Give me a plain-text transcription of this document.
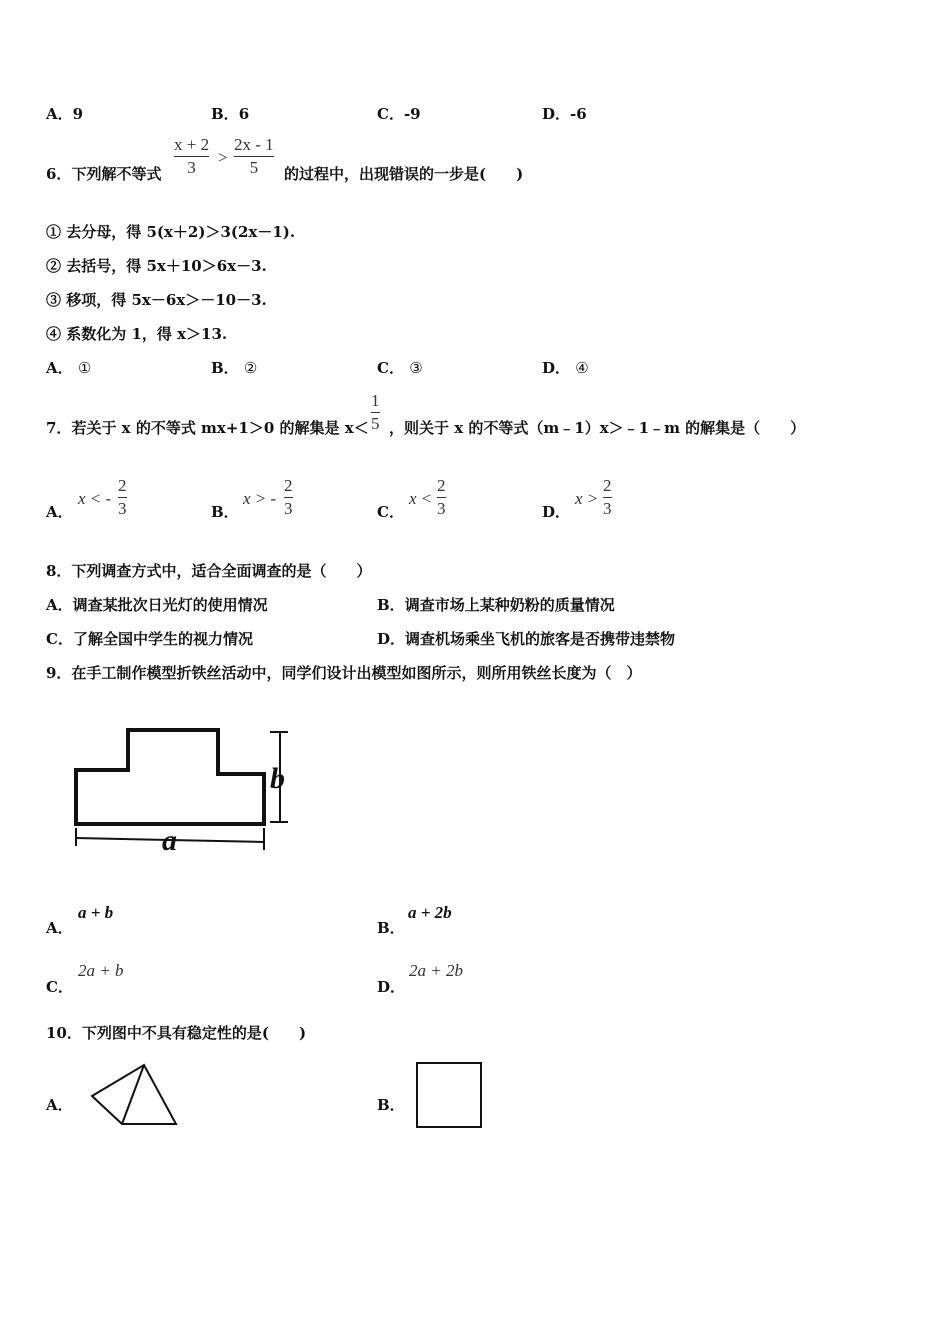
A．9	B．6	C．-9	D．-6
6．下列解不等式
x + 2
3
>
2x - 1
5	的过程中，出现错误的一步是(　　)
① 去分母，得 5(x＋2)＞3(2x－1).
② 去括号，得 5x＋10＞6x－3.
③ 移项，得 5x－6x＞－10－3.
④ 系数化为 1，得 x＞13.
A． ①	B． ②	C． ③	D． ④
7．若关于 x 的不等式 mx+1＞0 的解集是 x＜
1
5 ，则关于 x 的不等式（m﹣1）x＞﹣1﹣m 的解集是（　　）
A．
x < -
2
3	B．
x > -
2
3	C．
x <
2
3	D．
x >
2
3
8．下列调查方式中，适合全面调查的是（　　）
A．调查某批次日光灯的使用情况	B．调查市场上某种奶粉的质量情况
C．了解全国中学生的视力情况	D．调查机场乘坐飞机的旅客是否携带违禁物
9．在手工制作模型折铁丝活动中，同学们设计出模型如图所示，则所用铁丝长度为（　）
a
b
A．
a + b
B．
a + 2b
C．
2a + b
D．
2a + 2b
10．下列图中不具有稳定性的是(　　)
A．	B．
